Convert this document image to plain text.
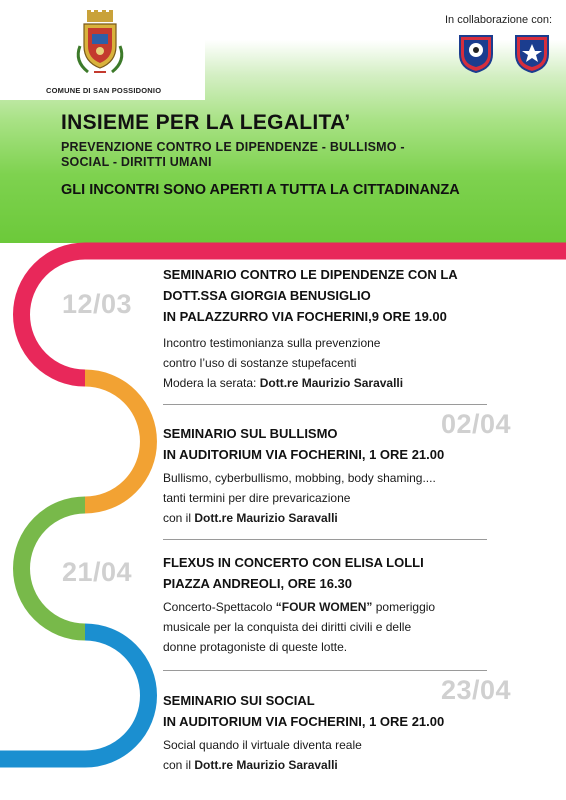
COMUNE DI SAN POSSIDONIO
In collaborazione con:
INSIEME PER LA LEGALITA’
PREVENZIONE CONTRO LE DIPENDENZE - BULLISMO -
SOCIAL - DIRITTI UMANI
GLI INCONTRI SONO APERTI A TUTTA LA CITTADINANZA
12/03
SEMINARIO CONTRO LE DIPENDENZE CON LA
DOTT.SSA GIORGIA BENUSIGLIO
IN PALAZZURRO VIA FOCHERINI,9 ORE 19.00
Incontro testimonianza sulla prevenzione
contro l’uso di sostanze stupefacenti
Modera la serata: Dott.re Maurizio Saravalli
02/04
SEMINARIO SUL BULLISMO
IN AUDITORIUM VIA FOCHERINI, 1 ORE 21.00
Bullismo, cyberbullismo, mobbing, body shaming....
tanti termini per dire prevaricazione
con il Dott.re Maurizio Saravalli
21/04 FLEXUS IN CONCERTO CON ELISA LOLLI
PIAZZA ANDREOLI, ORE 16.30
Concerto-Spettacolo “FOUR WOMEN” pomeriggio
musicale per la conquista dei diritti civili e delle
donne protagoniste di queste lotte.
23/04
SEMINARIO SUI SOCIAL
IN AUDITORIUM VIA FOCHERINI, 1 ORE 21.00
Social quando il virtuale diventa reale
con il Dott.re Maurizio Saravalli
